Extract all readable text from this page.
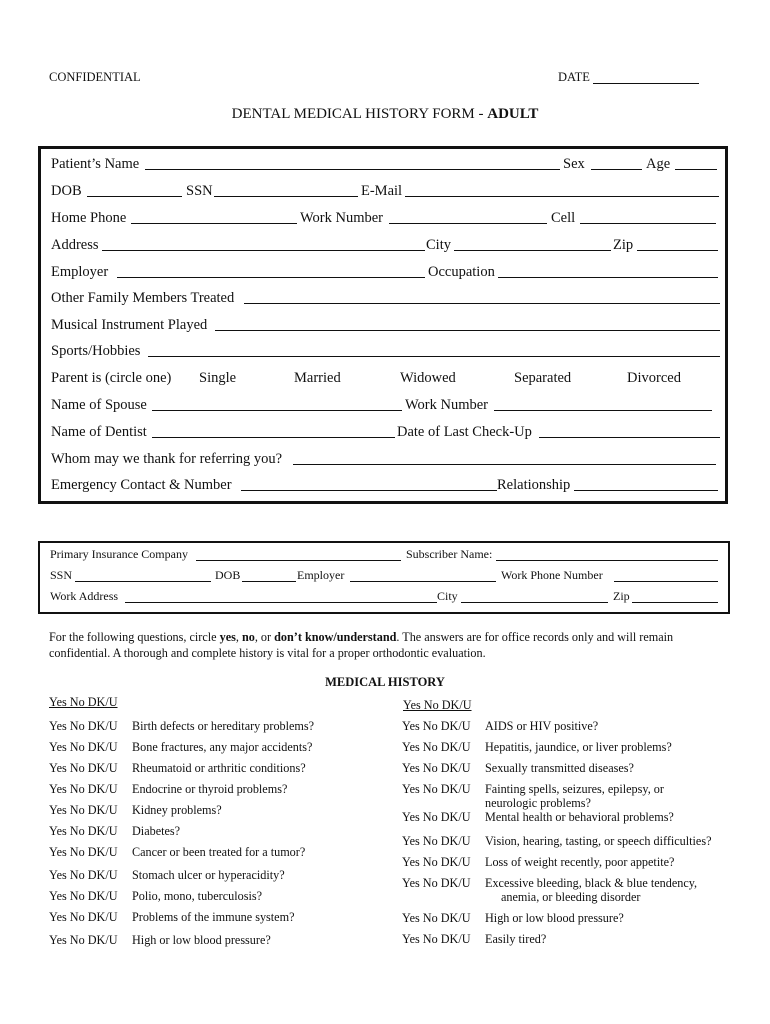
CONFIDENTIAL	DATE
DENTAL MEDICAL HISTORY FORM - ADULT
Patient’s Name	Sex	Age
DOB	SSN	E-Mail
Home Phone	Work Number	Cell
Address	City	Zip
Employer	Occupation
Other Family Members Treated
Musical Instrument Played
Sports/Hobbies
Parent is (circle one) Single	Married	Widowed	Separated	Divorced
Name of Spouse	Work Number
Name of Dentist	Date of Last Check-Up
Whom may we thank for referring you?
Emergency Contact & Number	Relationship
Primary Insurance Company	Subscriber Name:
SSN	DOB	Employer	Work Phone Number
Work Address	City	Zip
For the following questions, circle yes, no, or don’t know/understand. The answers are for office records only and will remain
confidential. A thorough and complete history is vital for a proper orthodontic evaluation.
MEDICAL HISTORY
Yes No DK/U	Yes No DK/U
Yes No DK/U Birth defects or hereditary problems?
Yes No DK/U Bone fractures, any major accidents?
Yes No DK/U Rheumatoid or arthritic conditions?
Yes No DK/U Endocrine or thyroid problems?
Yes No DK/U Kidney problems?
Yes No DK/U Diabetes?
Yes No DK/U Cancer or been treated for a tumor?
Yes No DK/U Stomach ulcer or hyperacidity?
Yes No DK/U Polio, mono, tuberculosis?
Yes No DK/U Problems of the immune system?
Yes No DK/U High or low blood pressure?
Yes No DK/U AIDS or HIV positive?
Yes No DK/U Hepatitis, jaundice, or liver problems?
Yes No DK/U Sexually transmitted diseases?
Yes No DK/U Fainting spells, seizures, epilepsy, or
neurologic problems?
Yes No DK/U Mental health or behavioral problems?
Yes No DK/U Vision, hearing, tasting, or speech difficulties?
Yes No DK/U Loss of weight recently, poor appetite?
Yes No DK/U Excessive bleeding, black & blue tendency,
anemia, or bleeding disorder
Yes No DK/U High or low blood pressure?
Yes No DK/U Easily tired?
